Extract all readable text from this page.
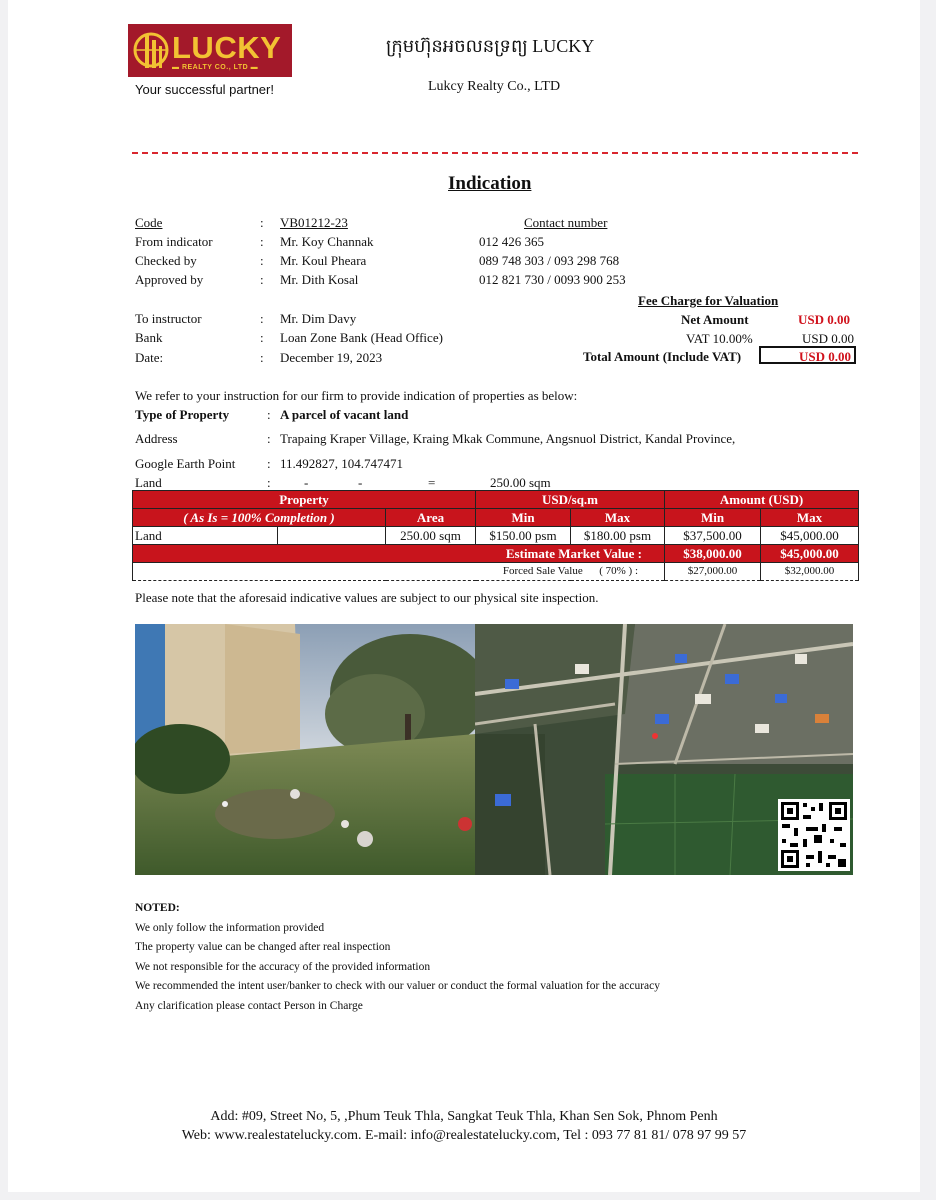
LUCKY
▬ REALTY CO., LTD ▬
Your successful partner!
ក្រុមហ៊ុនអចលនទ្រព្យ LUCKY
Lukcy Realty Co., LTD
Indication
Code	: VB01212-23	Contact number
From indicator	: Mr. Koy Channak	012 426 365
Checked by	: Mr. Koul Pheara	089 748 303 / 093 298 768
Approved by	: Mr. Dith Kosal	012 821 730 / 0093 900 253
Fee Charge for Valuation
To instructor	: Mr. Dim Davy	Net Amount	USD 0.00
Bank	: Loan Zone Bank (Head Office)	VAT 10.00%	USD 0.00
Date:	: December 19, 2023	Total Amount (Include VAT)	USD 0.00
We refer to your instruction for our firm to provide indication of properties as below:
Type of Property	: A parcel of vacant land
Address	: Trapaing Kraper Village, Kraing Mkak Commune, Angsnuol District, Kandal Province,
Google Earth Point : 11.492827, 104.747471
Land	:	-	-	=	250.00 sqm
Property			USD/sq.m		Amount (USD)	
( As Is = 100% Completion )		Area	Min	Max	Min	Max
Land		250.00 sqm	$150.00 psm	$180.00 psm	$37,500.00	$45,000.00
Estimate Market Value :					$38,000.00	$45,000.00
Forced Sale Value ( 70% ) :					$27,000.00	$32,000.00
Please note that the aforesaid indicative values are subject to our physical site inspection.
NOTED:
We only follow the information provided
The property value can be changed after real inspection
We not responsible for the accuracy of the provided information
We recommended the intent user/banker to check with our valuer or conduct the formal valuation for the accuracy
Any clarification please contact Person in Charge
Add: #09, Street No, 5, ,Phum Teuk Thla, Sangkat Teuk Thla, Khan Sen Sok, Phnom Penh
Web: www.realestatelucky.com. E-mail: info@realestatelucky.com, Tel : 093 77 81 81/ 078 97 99 57
